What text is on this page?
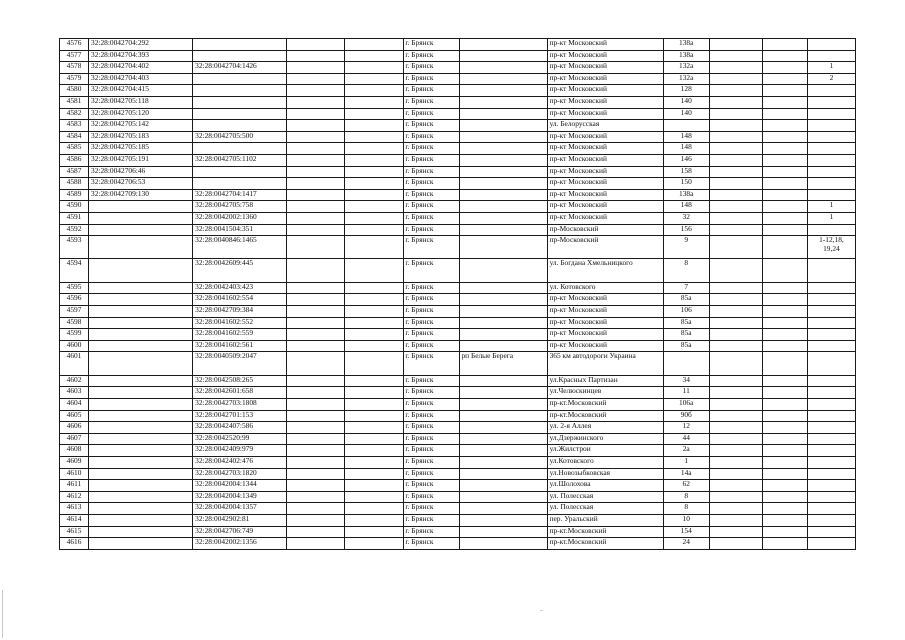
4576	32:28:0042704:292				г. Брянск		пр-кт Московский	138а			
4577	32:28:0042704:393				г. Брянск		пр-кт Московский	138а			
4578	32:28:0042704:402	32:28:0042704:1426			г. Брянск		пр-кт Московский	132а			1
4579	32:28:0042704:403				г. Брянск		пр-кт Московский	132а			2
4580	32:28:0042704:415				г. Брянск		пр-кт Московский	128			
4581	32:28:0042705:118				г. Брянск		пр-кт Московский	140			
4582	32:28:0042705:120				г. Брянск		пр-кт Московский	140			
4583	32:28:0042705:142				г. Брянск		ул. Белорусская				
4584	32:28:0042705:183	32:28:0042705:500			г. Брянск		пр-кт Московский	148			
4585	32:28:0042705:185				г. Брянск		пр-кт Московский	148			
4586	32:28:0042705:191	32:28:0042705:1102			г. Брянск		пр-кт Московский	146			
4587	32:28:0042706:46				г. Брянск		пр-кт Московский	158			
4588	32:28:0042706:53				г. Брянск		пр-кт Московский	150			
4589	32:28:0042709:130	32:28:0042704:1417			г. Брянск		пр-кт Московский	138а			
4590		32:28:0042705:758			г. Брянск		пр-кт Московский	148			1
4591		32:28:0042002:1360			г. Брянск		пр-кт Московский	32			1
4592		32:28:0041504:351			г. Брянск		пр-Московский	156			
4593		32:28:0040846:1465			г. Брянск		пр-Московский	9			1-12,18,
19,24
4594		32:28:0042609:445			г. Брянск		ул. Богдана Хмельницкого	8			
4595		32:28:0042403:423			г. Брянск		ул. Котовского	7			
4596		32:28:0041602:554			г. Брянск		пр-кт Московский	85а			
4597		32:28:0042709:384			г. Брянск		пр-кт Московский	106			
4598		32:28:0041602:552			г. Брянск		пр-кт Московский	85а			
4599		32:28:0041602:559			г. Брянск		пр-кт Московский	85а			
4600		32:28:0041602:561			г. Брянск		пр-кт Московский	85а			
4601		32:28:0040509:2047			г. Брянск	рп Белые Берега	365 км автодороги Украина				
4602		32:28:0042508:265			г. Брянск		ул.Красных Партизан	34			
4603		32:28:0042601:658			г. Брянск		ул.Челюскинцев	11			
4604		32:28:0042703:1808			г. Брянск		пр-кт.Московский	106а			
4605		32:28:0042701:153			г. Брянск		пр-кт.Московский	90б			
4606		32:28:0042407:586			г. Брянск		ул. 2-я Аллея	12			
4607		32:28:0042520:99			г. Брянск		ул.Дзержинского	44			
4608		32:28:0042409:979			г. Брянск		ул.Жилстрои	2а			
4609		32:28:0042402:476			г. Брянск		ул.Котовского	1			
4610		32:28:0042703:1820			г. Брянск		ул.Новозыбковская	14а			
4611		32:28:0042004:1344			г. Брянск		ул.Шолохова	62			
4612		32:28:0042004:1349			г. Брянск		ул. Полесская	8			
4613		32:28:0042004:1357			г. Брянск		ул. Полесская	8			
4614		32:28:0042902:81			г. Брянск		пер. Уральский	10			
4615		32:28:0042706:749			г. Брянск		пр-кт.Московский	154			
4616		32:28:0042002:1356			г. Брянск		пр-кт.Московский	24			
